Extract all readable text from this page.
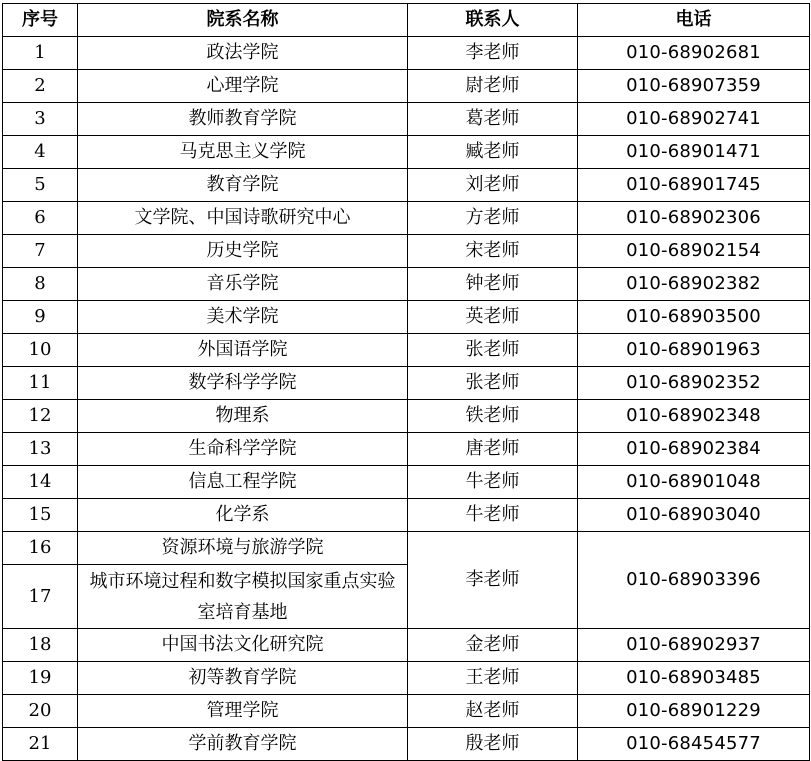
序号	院系名称	联系人	电话
1	政法学院	李老师	010-68902681
2	心理学院	尉老师	010-68907359
3	教师教育学院	葛老师	010-68902741
4	马克思主义学院	臧老师	010-68901471
5	教育学院	刘老师	010-68901745
6	文学院、中国诗歌研究中心	方老师	010-68902306
7	历史学院	宋老师	010-68902154
8	音乐学院	钟老师	010-68902382
9	美术学院	英老师	010-68903500
10	外国语学院	张老师	010-68901963
11	数学科学学院	张老师	010-68902352
12	物理系	铁老师	010-68902348
13	生命科学学院	唐老师	010-68902384
14	信息工程学院	牛老师	010-68901048
15	化学系	牛老师	010-68903040
16	资源环境与旅游学院	李老师	010-68903396
17	城市环境过程和数字模拟国家重点实验室培育基地		
18	中国书法文化研究院	金老师	010-68902937
19	初等教育学院	王老师	010-68903485
20	管理学院	赵老师	010-68901229
21	学前教育学院	殷老师	010-68454577
